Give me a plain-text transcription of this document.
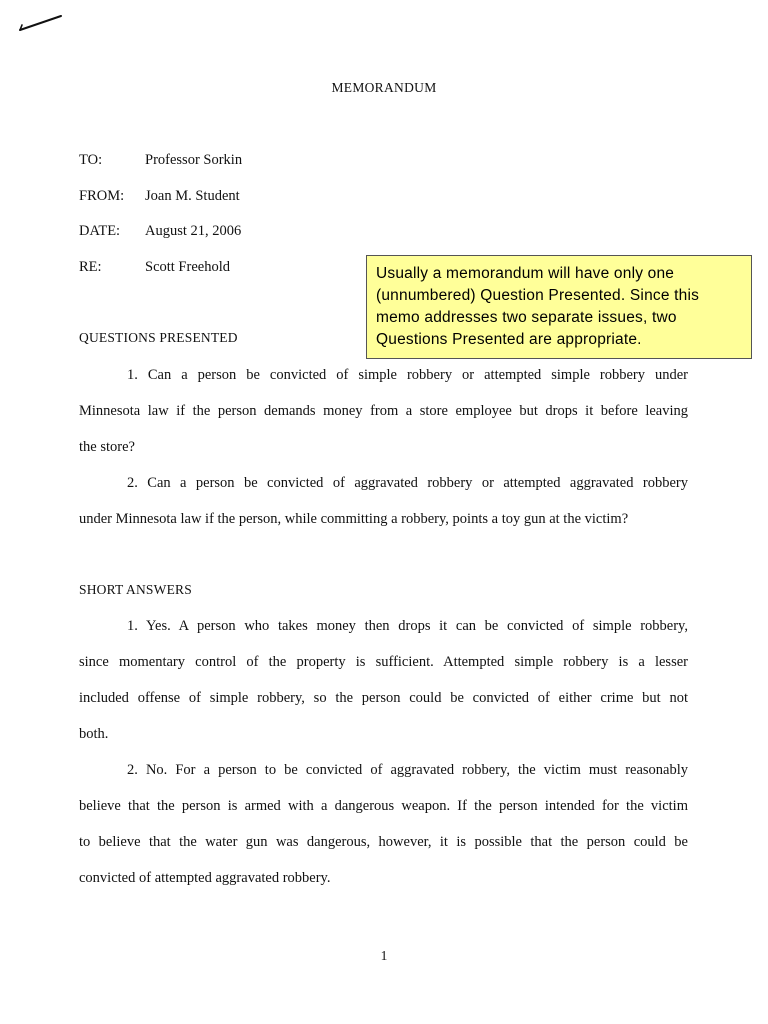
MEMORANDUM
TO:	Professor Sorkin
FROM:	Joan M. Student
DATE:	August 21, 2006
RE:	Scott Freehold	Usually a memorandum will have only one
(unnumbered) Question Presented. Since this
memo addresses two separate issues, two
Questions Presented are appropriate.
QUESTIONS PRESENTED
1. Can a person be convicted of simple robbery or attempted simple robbery under
Minnesota law if the person demands money from a store employee but drops it before leaving
the store?
2. Can a person be convicted of aggravated robbery or attempted aggravated robbery
under Minnesota law if the person, while committing a robbery, points a toy gun at the victim?
SHORT ANSWERS
1. Yes. A person who takes money then drops it can be convicted of simple robbery,
since momentary control of the property is sufficient. Attempted simple robbery is a lesser
included offense of simple robbery, so the person could be convicted of either crime but not
both.
2. No. For a person to be convicted of aggravated robbery, the victim must reasonably
believe that the person is armed with a dangerous weapon. If the person intended for the victim
to believe that the water gun was dangerous, however, it is possible that the person could be
convicted of attempted aggravated robbery.
1
